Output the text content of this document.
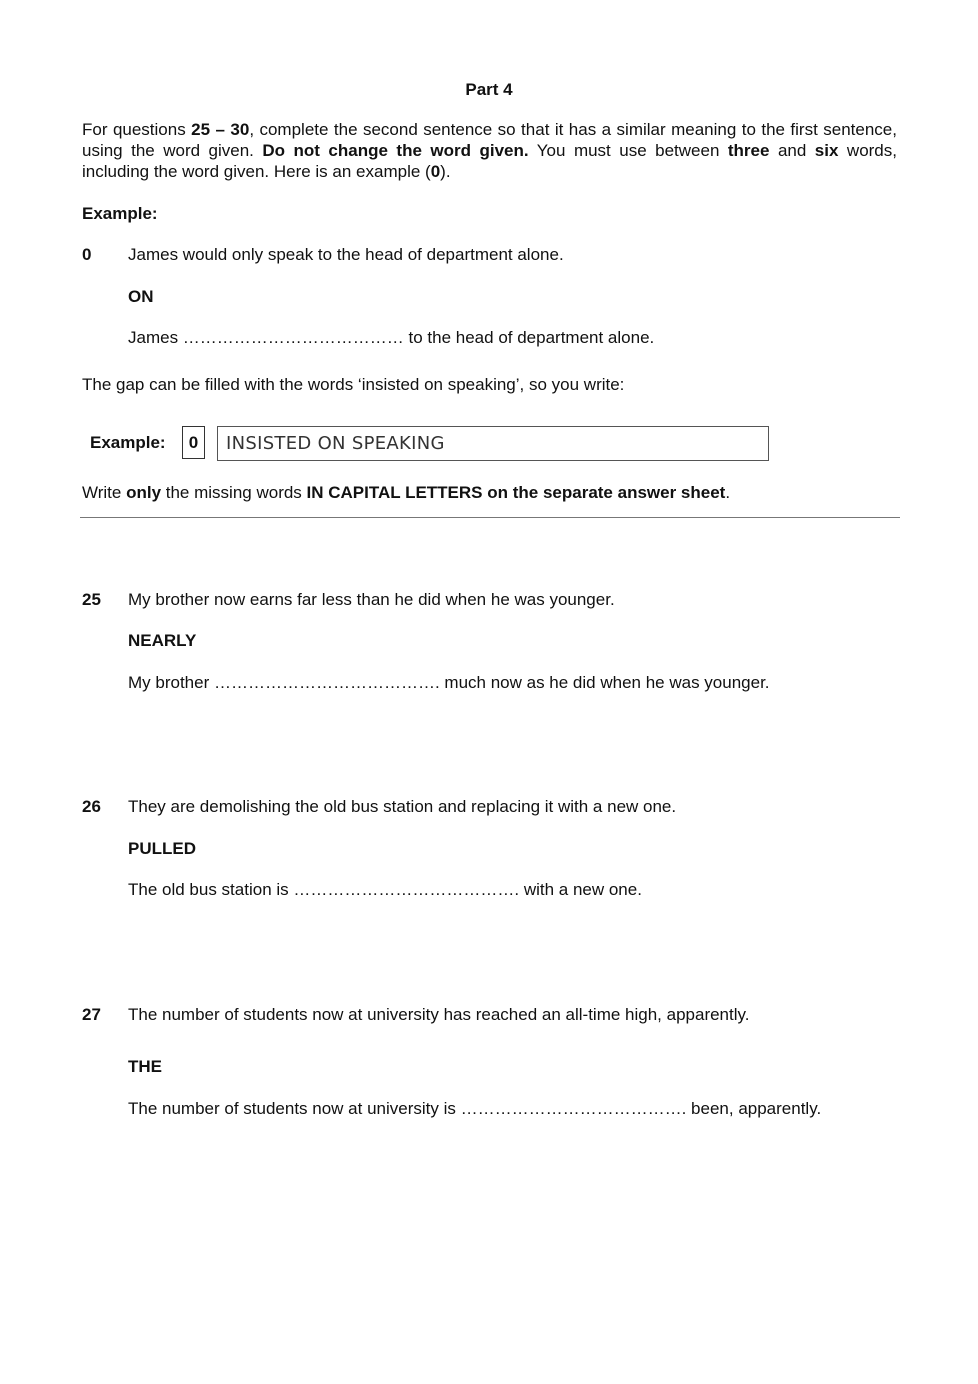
Part 4
For questions 25 – 30, complete the second sentence so that it has a similar meaning to the first sentence, using the word given. Do not change the word given. You must use between three and six words, including the word given. Here is an example (0).
Example:
0 James would only speak to the head of department alone.
ON
James ………………………………… to the head of department alone.
The gap can be filled with the words ‘insisted on speaking’, so you write:
Example:	0	INSISTED ON SPEAKING
Write only the missing words IN CAPITAL LETTERS on the separate answer sheet.
25 My brother now earns far less than he did when he was younger.
NEARLY
My brother …………………………………. much now as he did when he was younger.
26 They are demolishing the old bus station and replacing it with a new one.
PULLED
The old bus station is …………………………………. with a new one.
27 The number of students now at university has reached an all-time high, apparently.
THE
The number of students now at university is …………………………………. been, apparently.
